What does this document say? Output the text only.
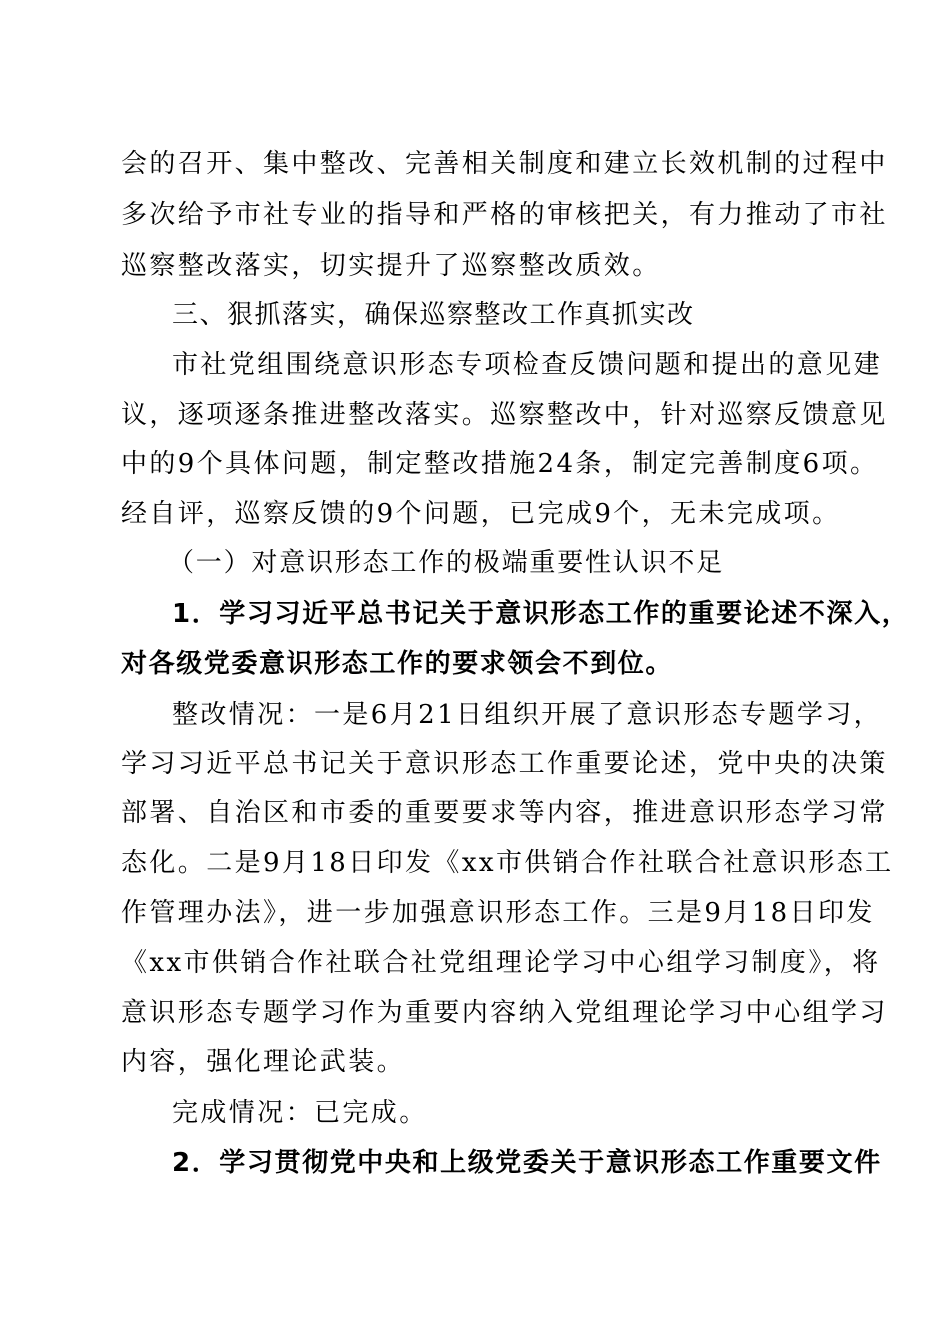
会的召开、集中整改、完善相关制度和建立长效机制的过程中
多次给予市社专业的指导和严格的审核把关，有力推动了市社
巡察整改落实，切实提升了巡察整改质效。
三、狠抓落实，确保巡察整改工作真抓实改
市社党组围绕意识形态专项检查反馈问题和提出的意见建
议，逐项逐条推进整改落实。巡察整改中，针对巡察反馈意见
中的9个具体问题，制定整改措施24条，制定完善制度6项。
经自评，巡察反馈的9个问题，已完成9个，无未完成项。
（一）对意识形态工作的极端重要性认识不足
1．学习习近平总书记关于意识形态工作的重要论述不深入，
对各级党委意识形态工作的要求领会不到位。
整改情况：一是6月21日组织开展了意识形态专题学习，
学习习近平总书记关于意识形态工作重要论述，党中央的决策
部署、自治区和市委的重要要求等内容，推进意识形态学习常
态化。二是9月18日印发《xx市供销合作社联合社意识形态工
作管理办法》，进一步加强意识形态工作。三是9月18日印发
《xx市供销合作社联合社党组理论学习中心组学习制度》，将
意识形态专题学习作为重要内容纳入党组理论学习中心组学习
内容，强化理论武装。
完成情况：已完成。
2．学习贯彻党中央和上级党委关于意识形态工作重要文件
